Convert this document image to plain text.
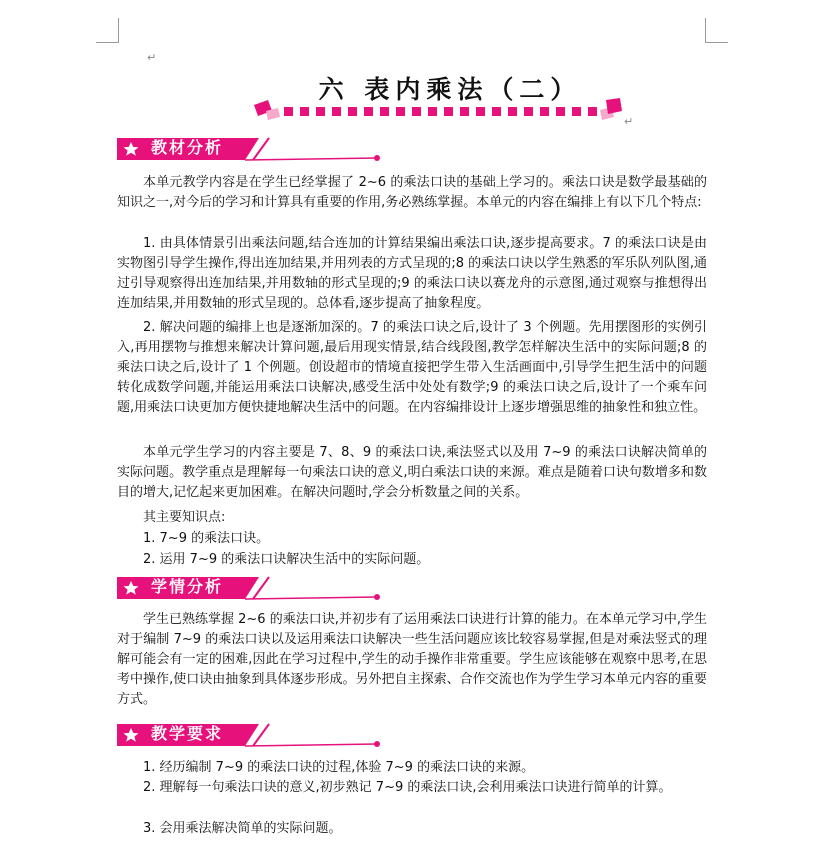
↵
六 表内乘法（二）
↵
教材分析

本单元教学内容是在学生已经掌握了 2~6 的乘法口诀的基础上学习的。乘法口诀是数学最基础的知识之一,对今后的学习和计算具有重要的作用,务必熟练掌握。本单元的内容在编排上有以下几个特点:

1. 由具体情景引出乘法问题,结合连加的计算结果编出乘法口诀,逐步提高要求。7 的乘法口诀是由实物图引导学生操作,得出连加结果,并用列表的方式呈现的;8 的乘法口诀以学生熟悉的军乐队列队图,通过引导观察得出连加结果,并用数轴的形式呈现的;9 的乘法口诀以赛龙舟的示意图,通过观察与推想得出连加结果,并用数轴的形式呈现的。总体看,逐步提高了抽象程度。

2. 解决问题的编排上也是逐渐加深的。7 的乘法口诀之后,设计了 3 个例题。先用摆图形的实例引入,再用摆物与推想来解决计算问题,最后用现实情景,结合线段图,教学怎样解决生活中的实际问题;8 的乘法口诀之后,设计了 1 个例题。创设超市的情境直接把学生带入生活画面中,引导学生把生活中的问题转化成数学问题,并能运用乘法口诀解决,感受生活中处处有数学;9 的乘法口诀之后,设计了一个乘车问题,用乘法口诀更加方便快捷地解决生活中的问题。在内容编排设计上逐步增强思维的抽象性和独立性。

本单元学生学习的内容主要是 7、8、9 的乘法口诀,乘法竖式以及用 7~9 的乘法口诀解决简单的实际问题。教学重点是理解每一句乘法口诀的意义,明白乘法口诀的来源。难点是随着口诀句数增多和数目的增大,记忆起来更加困难。在解决问题时,学会分析数量之间的关系。

其主要知识点:

1. 7~9 的乘法口诀。

2. 运用 7~9 的乘法口诀解决生活中的实际问题。

学情分析

学生已熟练掌握 2~6 的乘法口诀,并初步有了运用乘法口诀进行计算的能力。在本单元学习中,学生对于编制 7~9 的乘法口诀以及运用乘法口诀解决一些生活问题应该比较容易掌握,但是对乘法竖式的理解可能会有一定的困难,因此在学习过程中,学生的动手操作非常重要。学生应该能够在观察中思考,在思考中操作,使口诀由抽象到具体逐步形成。另外把自主探索、合作交流也作为学生学习本单元内容的重要方式。

教学要求

1. 经历编制 7~9 的乘法口诀的过程,体验 7~9 的乘法口诀的来源。

2. 理解每一句乘法口诀的意义,初步熟记 7~9 的乘法口诀,会利用乘法口诀进行简单的计算。

3. 会用乘法解决简单的实际问题。
